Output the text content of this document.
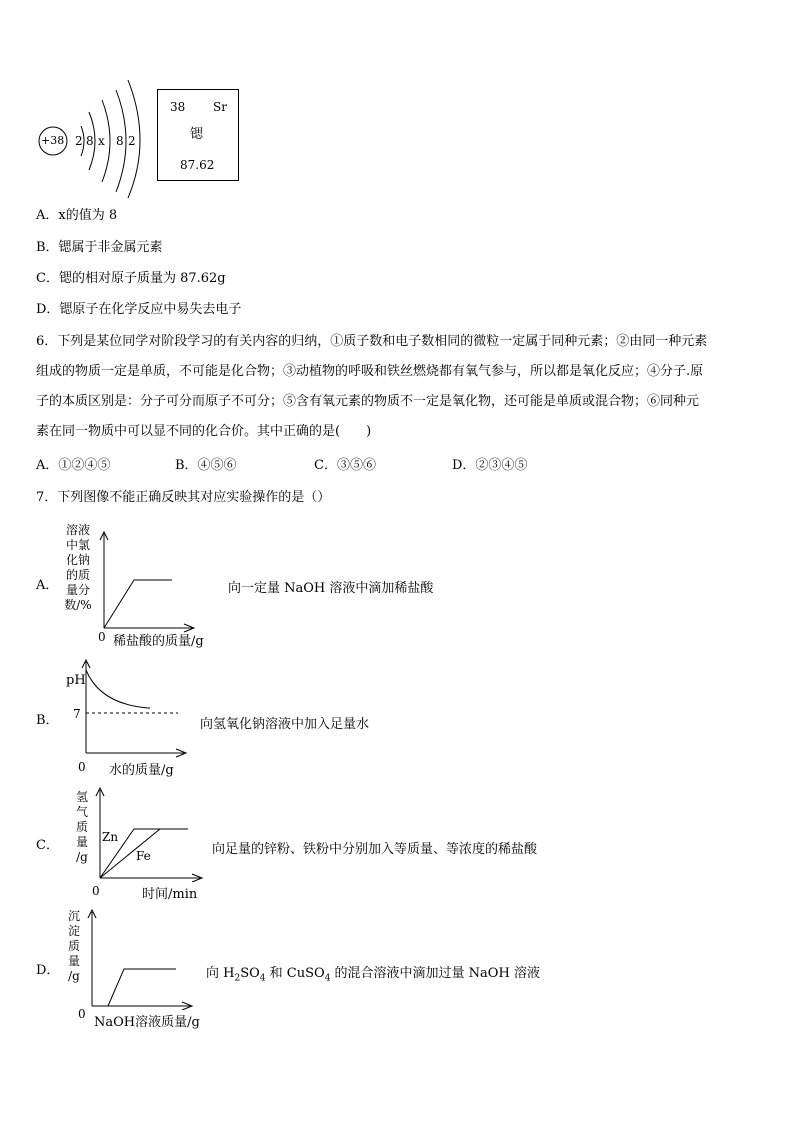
+38 2 8 x 8 2
38 Sr
锶
87.62
A．x的值为 8
B．锶属于非金属元素
C．锶的相对原子质量为 87.62g
D．锶原子在化学反应中易失去电子
6．下列是某位同学对阶段学习的有关内容的归纳，①质子数和电子数相同的微粒一定属于同种元素；②由同一种元素
组成的物质一定是单质，不可能是化合物；③动植物的呼吸和铁丝燃烧都有氧气参与，所以都是氧化反应；④分子.原
子的本质区别是：分子可分而原子不可分；⑤含有氧元素的物质不一定是氧化物，还可能是单质或混合物；⑥同种元
素在同一物质中可以显不同的化合价。其中正确的是(　　)
A．①②④⑤	B．④⑤⑥	C．③⑤⑥	D．②③④⑤
7．下列图像不能正确反映其对应实验操作的是（）
A．
溶液
中氯
化钠
的质
量分
数/%
0 稀盐酸的质量/g
向一定量 NaOH 溶液中滴加稀盐酸
B．
pH
7
0 水的质量/g
向氢氧化钠溶液中加入足量水
C．
氢
气
质
量
/g
Zn
Fe
0	时间/min
向足量的锌粉、铁粉中分别加入等质量、等浓度的稀盐酸
D．
沉
淀
质
量
/g
0
NaOH溶液质量/g
向 $H_2SO_4$ 和 CuSO$_4$ 的混合溶液中滴加过量 NaOH 溶液
